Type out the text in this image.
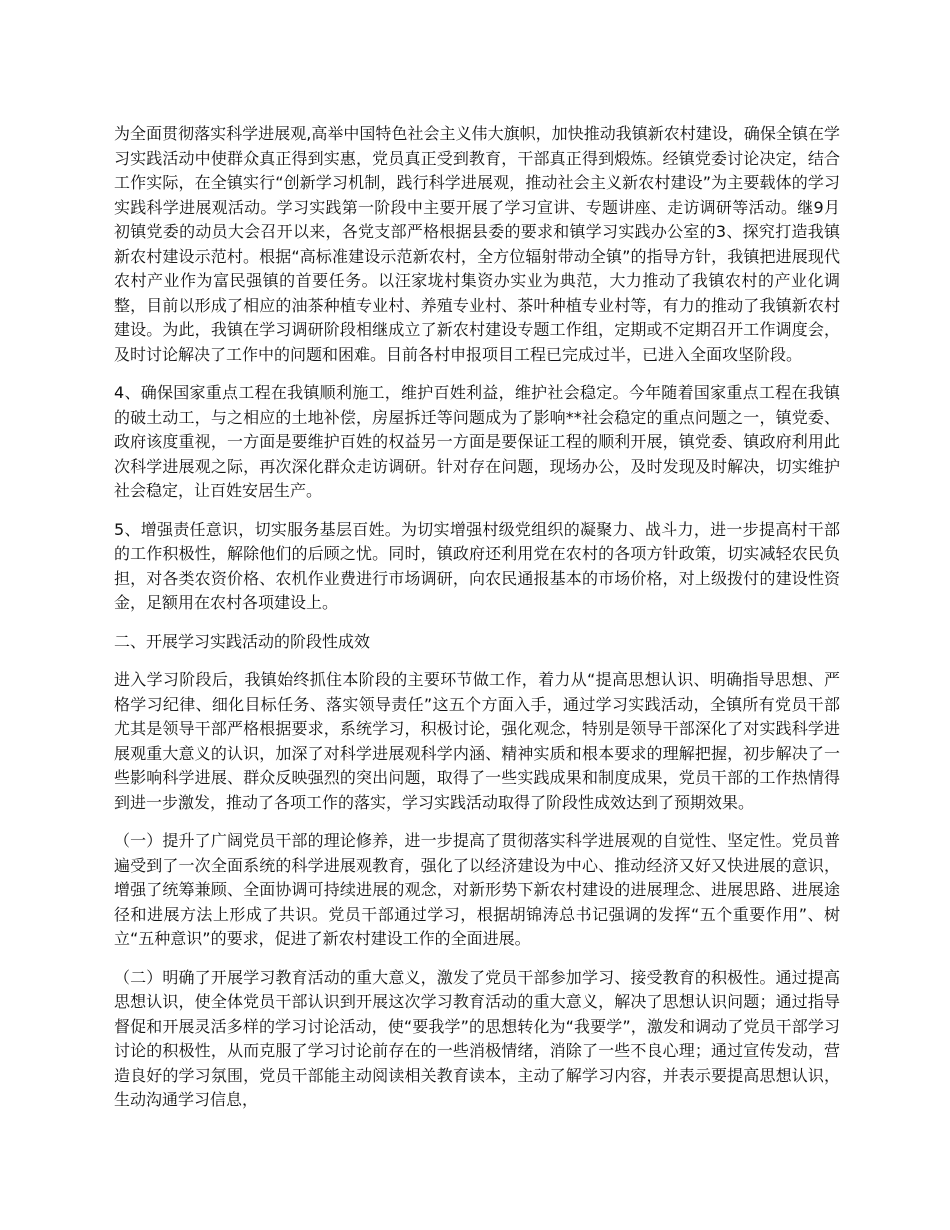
为全面贯彻落实科学进展观,高举中国特色社会主义伟大旗帜，加快推动我镇新农村建设，确保全镇在学习实践活动中使群众真正得到实惠，党员真正受到教育，干部真正得到煅炼。经镇党委讨论决定，结合工作实际，在全镇实行“创新学习机制，践行科学进展观，推动社会主义新农村建设”为主要载体的学习实践科学进展观活动。学习实践第一阶段中主要开展了学习宣讲、专题讲座、走访调研等活动。继9月初镇党委的动员大会召开以来，各党支部严格根据县委的要求和镇学习实践办公室的3、探究打造我镇新农村建设示范村。根据“高标准建设示范新农村，全方位辐射带动全镇”的指导方针，我镇把进展现代农村产业作为富民强镇的首要任务。以汪家垅村集资办实业为典范，大力推动了我镇农村的产业化调整，目前以形成了相应的油茶种植专业村、养殖专业村、茶叶种植专业村等，有力的推动了我镇新农村建设。为此，我镇在学习调研阶段相继成立了新农村建设专题工作组，定期或不定期召开工作调度会，及时讨论解决了工作中的问题和困难。目前各村申报项目工程已完成过半，已进入全面攻坚阶段。

4、确保国家重点工程在我镇顺利施工，维护百姓利益，维护社会稳定。今年随着国家重点工程在我镇的破土动工，与之相应的土地补偿，房屋拆迁等问题成为了影响**社会稳定的重点问题之一，镇党委、政府该度重视，一方面是要维护百姓的权益另一方面是要保证工程的顺利开展，镇党委、镇政府利用此次科学进展观之际，再次深化群众走访调研。针对存在问题，现场办公，及时发现及时解决，切实维护社会稳定，让百姓安居生产。

5、增强责任意识，切实服务基层百姓。为切实增强村级党组织的凝聚力、战斗力，进一步提高村干部的工作积极性，解除他们的后顾之忧。同时，镇政府还利用党在农村的各项方针政策，切实减轻农民负担，对各类农资价格、农机作业费进行市场调研，向农民通报基本的市场价格，对上级拨付的建设性资金，足额用在农村各项建设上。

二、开展学习实践活动的阶段性成效

进入学习阶段后，我镇始终抓住本阶段的主要环节做工作，着力从“提高思想认识、明确指导思想、严格学习纪律、细化目标任务、落实领导责任”这五个方面入手，通过学习实践活动，全镇所有党员干部尤其是领导干部严格根据要求，系统学习，积极讨论，强化观念，特别是领导干部深化了对实践科学进展观重大意义的认识，加深了对科学进展观科学内涵、精神实质和根本要求的理解把握，初步解决了一些影响科学进展、群众反映强烈的突出问题，取得了一些实践成果和制度成果，党员干部的工作热情得到进一步激发，推动了各项工作的落实，学习实践活动取得了阶段性成效达到了预期效果。

（一）提升了广阔党员干部的理论修养，进一步提高了贯彻落实科学进展观的自觉性、坚定性。党员普遍受到了一次全面系统的科学进展观教育，强化了以经济建设为中心、推动经济又好又快进展的意识，增强了统筹兼顾、全面协调可持续进展的观念，对新形势下新农村建设的进展理念、进展思路、进展途径和进展方法上形成了共识。党员干部通过学习，根据胡锦涛总书记强调的发挥“五个重要作用”、树立“五种意识”的要求，促进了新农村建设工作的全面进展。

（二）明确了开展学习教育活动的重大意义，激发了党员干部参加学习、接受教育的积极性。通过提高思想认识，使全体党员干部认识到开展这次学习教育活动的重大意义，解决了思想认识问题；通过指导督促和开展灵活多样的学习讨论活动，使“要我学”的思想转化为“我要学”，激发和调动了党员干部学习讨论的积极性，从而克服了学习讨论前存在的一些消极情绪，消除了一些不良心理；通过宣传发动，营造良好的学习氛围，党员干部能主动阅读相关教育读本，主动了解学习内容，并表示要提高思想认识，生动沟通学习信息，
